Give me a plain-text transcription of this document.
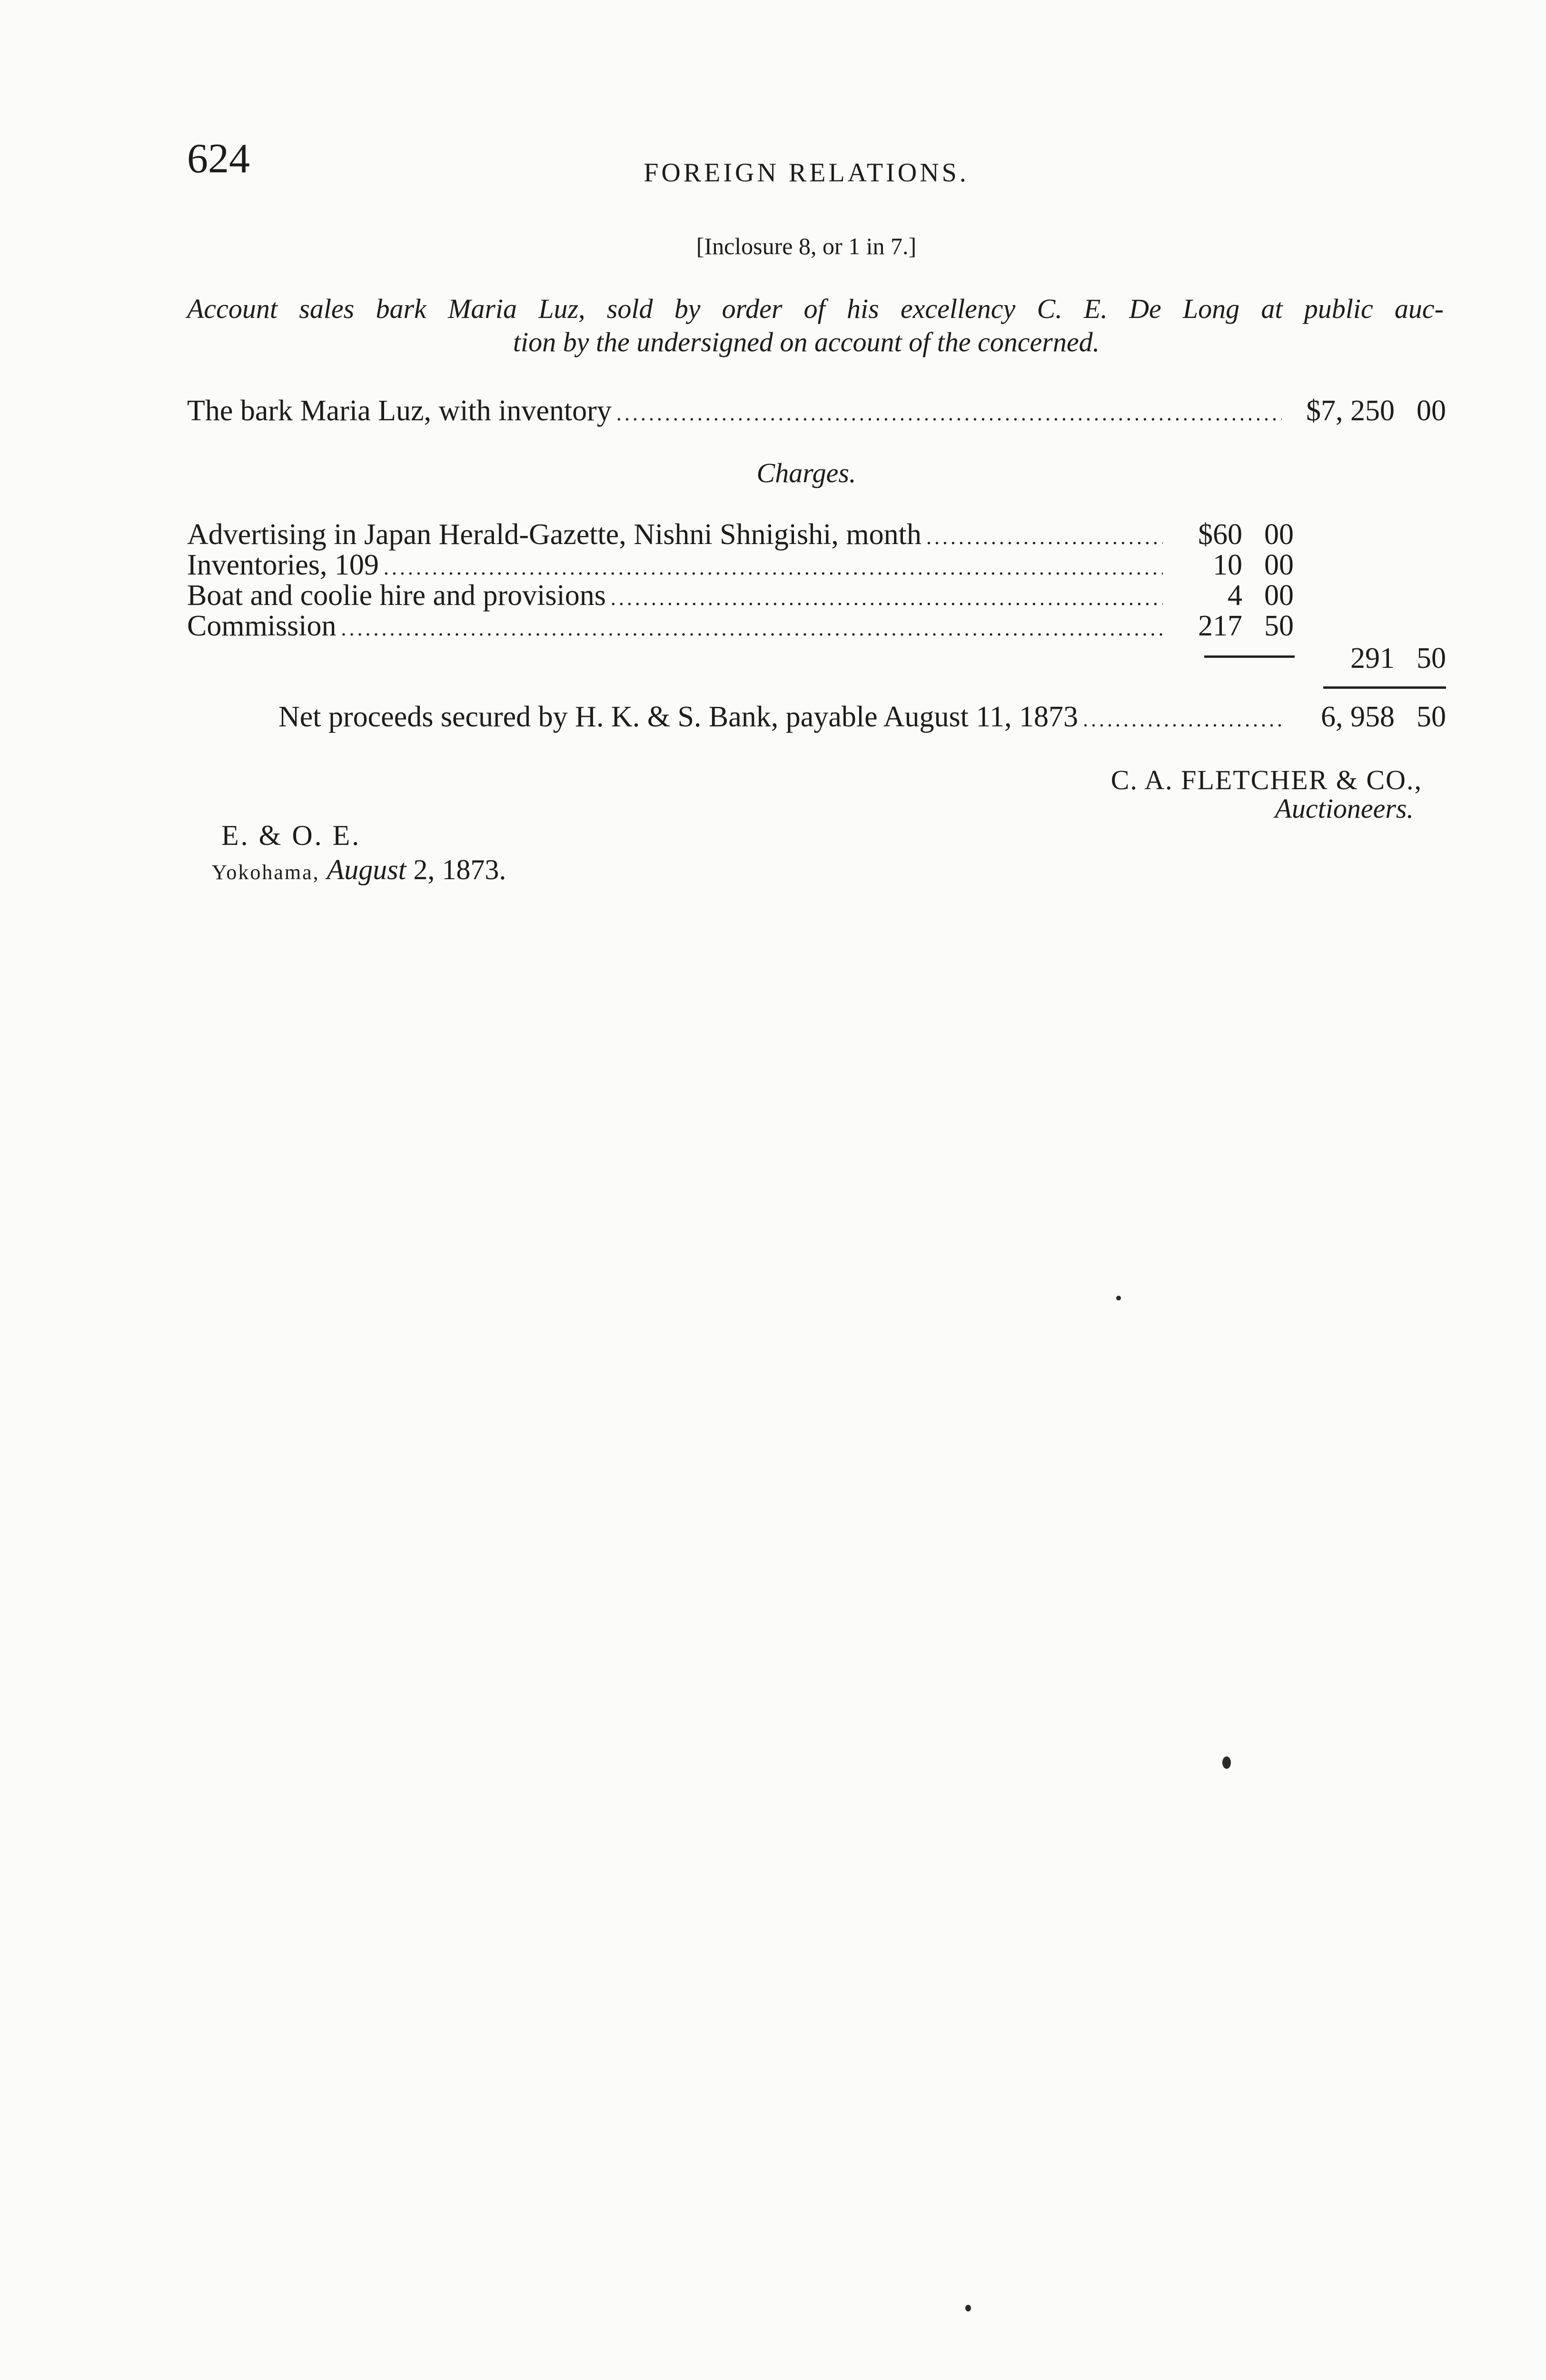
624	FOREIGN RELATIONS.
[Inclosure 8, or 1 in 7.]
Account sales bark Maria Luz, sold by order of his excellency C. E. De Long at public auc-
tion by the undersigned on account of the concerned.
The bark Maria Luz, with inventory .....	$7, 250 00
Charges.
Advertising in Japan Herald-Gazette, Nishni Shnigishi, month .....	$60 00
Inventories, 109 .....	10 00
Boat and coolie hire and provisions .....	4 00
Commission .....	217 50
291 50
Net proceeds secured by H. K. & S. Bank, payable August 11, 1873 .....	6, 958 50
C. A. FLETCHER & CO.,
Auctioneers.
E. & O. E.
Yokohama, August 2, 1873.
